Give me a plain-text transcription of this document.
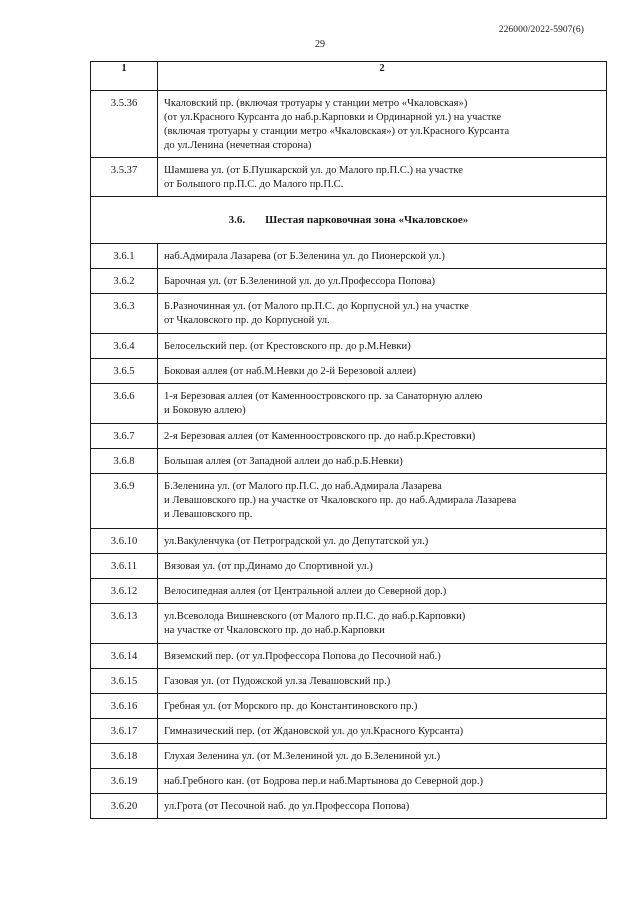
226000/2022-5907(6)
29
1	2
3.5.36	Чкаловский пр. (включая тротуары у станции метро «Чкаловская»)
(от ул.Красного Курсанта до наб.р.Карповки и Ординарной ул.) на участке
(включая тротуары у станции метро «Чкаловская») от ул.Красного Курсанта
до ул.Ленина (нечетная сторона)

3.5.37	Шамшева ул. (от Б.Пушкарской ул. до Малого пр.П.С.) на участке
от Большого пр.П.С. до Малого пр.П.С.

3.6. Шестая парковочная зона «Чкаловское»	
3.6.1	наб.Адмирала Лазарева (от Б.Зеленина ул. до Пионерской ул.)

3.6.2	Барочная ул. (от Б.Зелениной ул. до ул.Профессора Попова)

3.6.3	Б.Разночинная ул. (от Малого пр.П.С. до Корпусной ул.) на участке
от Чкаловского пр. до Корпусной ул.

3.6.4	Белосельский пер. (от Крестовского пр. до р.М.Невки)

3.6.5	Боковая аллея (от наб.М.Невки до 2-й Березовой аллеи)

3.6.6	1-я Березовая аллея (от Каменноостровского пр. за Санаторную аллею
и Боковую аллею)

3.6.7	2-я Березовая аллея (от Каменноостровского пр. до наб.р.Крестовки)

3.6.8	Большая аллея (от Западной аллеи до наб.р.Б.Невки)

3.6.9	Б.Зеленина ул. (от Малого пр.П.С. до наб.Адмирала Лазарева
и Левашовского пр.) на участке от Чкаловского пр. до наб.Адмирала Лазарева
и Левашовского пр.

3.6.10	ул.Вакуленчука (от Петроградской ул. до Депутатской ул.)

3.6.11	Вязовая ул. (от пр.Динамо до Спортивной ул.)

3.6.12	Велосипедная аллея (от Центральной аллеи до Северной дор.)

3.6.13	ул.Всеволода Вишневского (от Малого пр.П.С. до наб.р.Карповки)
на участке от Чкаловского пр. до наб.р.Карповки

3.6.14	Вяземский пер. (от ул.Профессора Попова до Песочной наб.)

3.6.15	Газовая ул. (от Пудожской ул.за Левашовский пр.)

3.6.16	Гребная ул. (от Морского пр. до Константиновского пр.)

3.6.17	Гимназический пер. (от Ждановской ул. до ул.Красного Курсанта)

3.6.18	Глухая Зеленина ул. (от М.Зелениной ул. до Б.Зелениной ул.)

3.6.19	наб.Гребного кан. (от Бодрова пер.и наб.Мартынова до Северной дор.)

3.6.20	ул.Грота (от Песочной наб. до ул.Профессора Попова)
